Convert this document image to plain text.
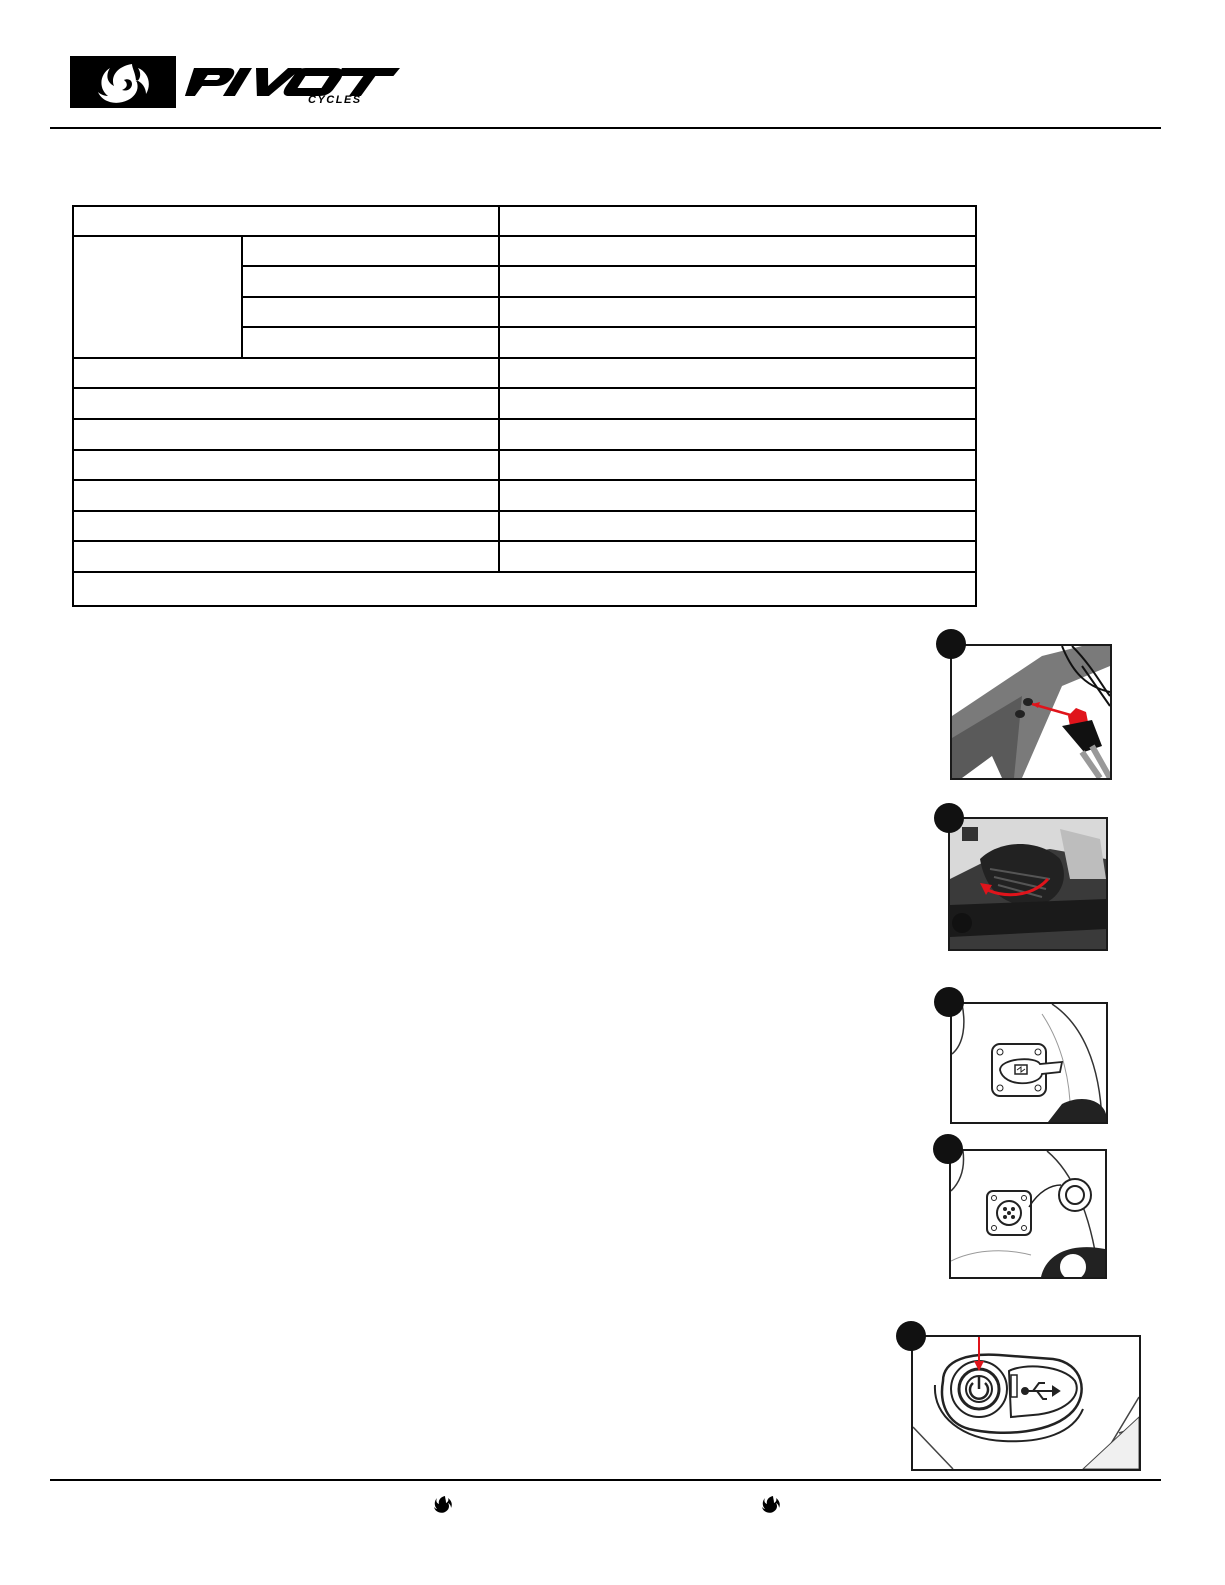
CYCLES
